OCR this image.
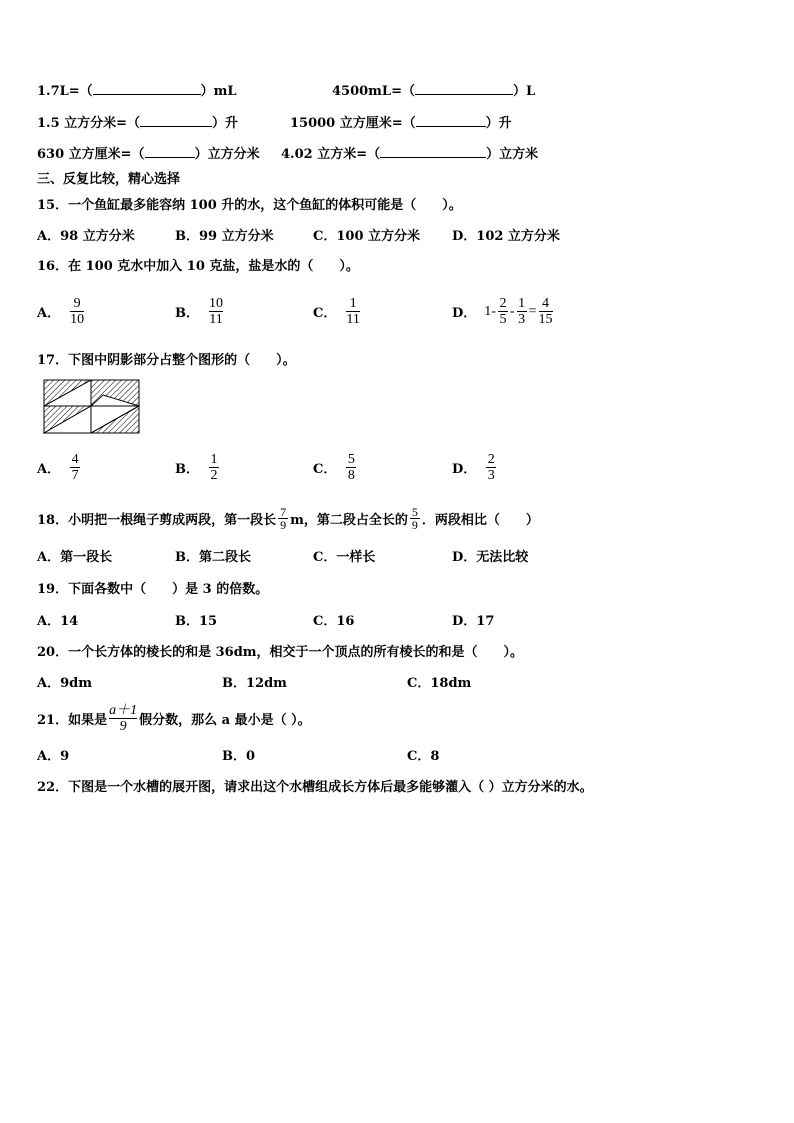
1.7L=（	）mL	4500mL=（	）L
1.5 立方分米=（	）升	15000 立方厘米=（	）升
630 立方厘米=（	）立方分米 4.02 立方米=（	）立方米
三、反复比较，精心选择
15．一个鱼缸最多能容纳 100 升的水，这个鱼缸的体积可能是（　　）。
A．98 立方分米	B．99 立方分米	C．100 立方分米 D．102 立方分米
16．在 100 克水中加入 10 克盐，盐是水的（　　）。
A． $\frac{9}{10}$	B． $\frac{10}{11}$	C． $\frac{1}{11}$	D． $1- \frac{2}{5} - \frac{1}{3} = \frac{4}{15}$
17．下图中阴影部分占整个图形的（　　）。
A． $\frac{4}{7}$	B． $\frac{1}{2}$	C． $\frac{5}{8}$	D． $\frac{2}{3}$
18．小明把一根绳子剪成两段，第一段长 $\frac{7}{9}$ m，第二段占全长的 $\frac{5}{9}$ ．两段相比（　　）
A．第一段长	B．第二段长	C．一样长	D．无法比较
19．下面各数中（　　）是 3 的倍数。
A．14	B．15	C．16	D．17
20．一个长方体的棱长的和是 36dm，相交于一个顶点的所有棱长的和是（　　）。
A．9dm	B．12dm	C．18dm
21．如果是 $\frac{a+1}{9}$ 假分数，那么 a 最小是（ ）。
A．9	B．0	C．8
22．下图是一个水槽的展开图，请求出这个水槽组成长方体后最多能够灌入（ ）立方分米的水。
